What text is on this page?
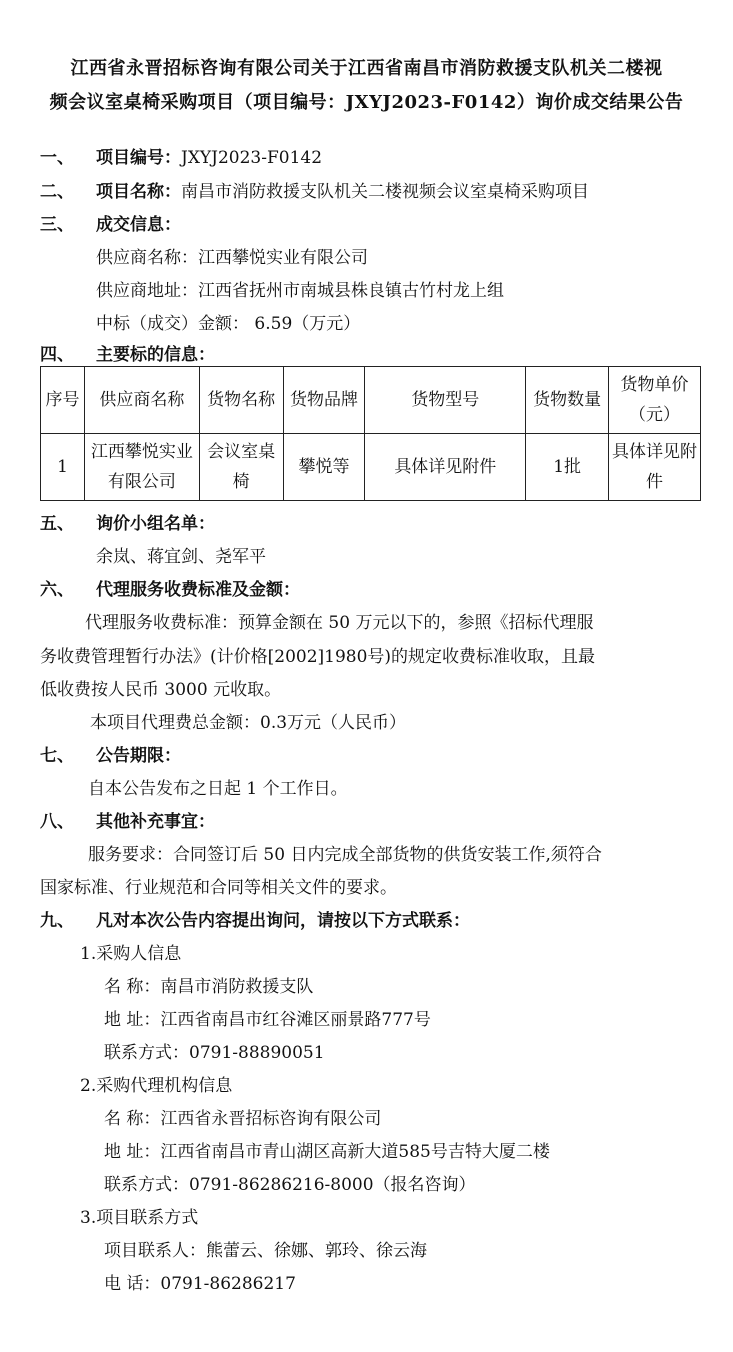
江西省永晋招标咨询有限公司关于江西省南昌市消防救援支队机关二楼视
频会议室桌椅采购项目（项目编号：JXYJ2023-F0142）询价成交结果公告
一、 项目编号：JXYJ2023-F0142
二、 项目名称：南昌市消防救援支队机关二楼视频会议室桌椅采购项目
三、 成交信息：
供应商名称：江西攀悦实业有限公司
供应商地址：江西省抚州市南城县株良镇古竹村龙上组
中标（成交）金额： 6.59（万元）
四、 主要标的信息：
序号	供应商名称	货物名称	货物品牌	货物型号	货物数量	货物单价（元）
1	江西攀悦实业有限公司	会议室桌椅	攀悦等	具体详见附件	1批	具体详见附件
五、 询价小组名单：
余岚、蒋宜剑、尧军平
六、 代理服务收费标准及金额：
代理服务收费标准：预算金额在 50 万元以下的，参照《招标代理服
务收费管理暂行办法》(计价格[2002]1980号)的规定收费标准收取，且最
低收费按人民币 3000 元收取。
本项目代理费总金额：0.3万元（人民币）
七、 公告期限：
自本公告发布之日起 1 个工作日。
八、 其他补充事宜：
服务要求：合同签订后 50 日内完成全部货物的供货安装工作,须符合
国家标准、行业规范和合同等相关文件的要求。
九、 凡对本次公告内容提出询问，请按以下方式联系：
1.采购人信息
名 称：南昌市消防救援支队
地 址：江西省南昌市红谷滩区丽景路777号
联系方式：0791-88890051
2.采购代理机构信息
名 称：江西省永晋招标咨询有限公司
地 址：江西省南昌市青山湖区高新大道585号吉特大厦二楼
联系方式：0791-86286216-8000（报名咨询）
3.项目联系方式
项目联系人：熊蕾云、徐娜、郭玲、徐云海
电 话：0791-86286217
